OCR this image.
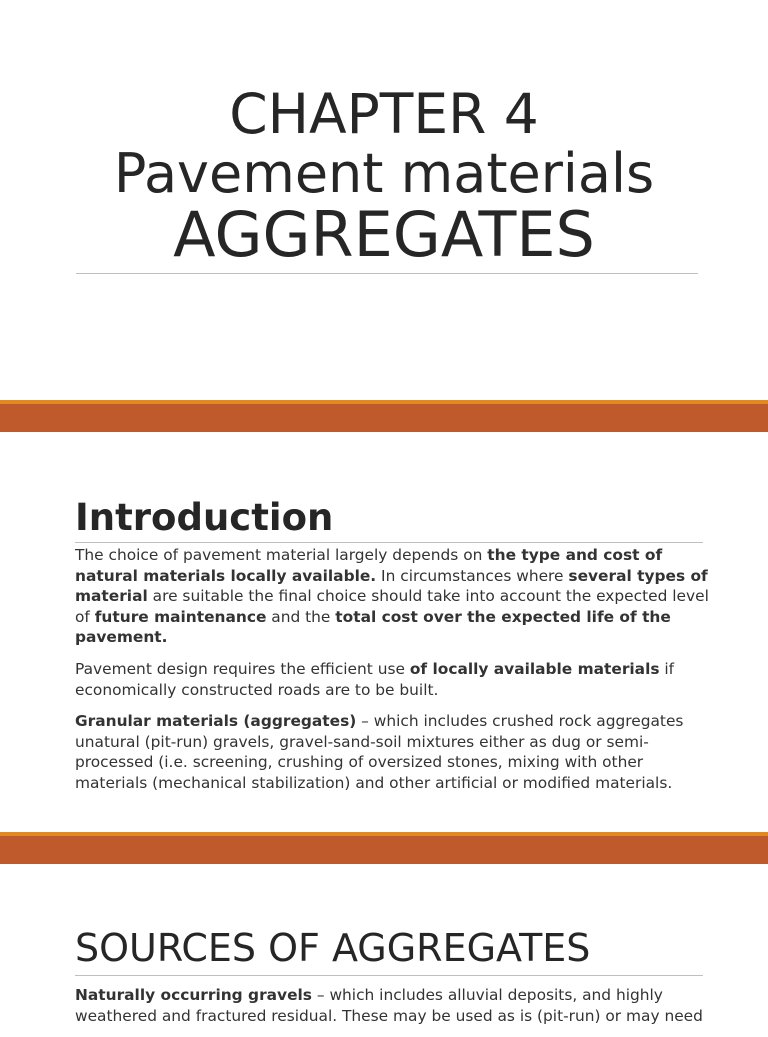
CHAPTER 4
Pavement materials
AGGREGATES
Introduction

The choice of pavement material largely depends on the type and cost of natural materials locally available. In circumstances where several types of material are suitable the final choice should take into account the expected level of future maintenance and the total cost over the expected life of the pavement.

Pavement design requires the efficient use of locally available materials if economically constructed roads are to be built.

Granular materials (aggregates) – which includes crushed rock aggregates unatural (pit-run) gravels, gravel-sand-soil mixtures either as dug or semi-processed (i.e. screening, crushing of oversized stones, mixing with other materials (mechanical stabilization) and other artificial or modified materials.

SOURCES OF AGGREGATES

Naturally occurring gravels – which includes alluvial deposits, and highly weathered and fractured residual. These may be used as is (pit-run) or may need
